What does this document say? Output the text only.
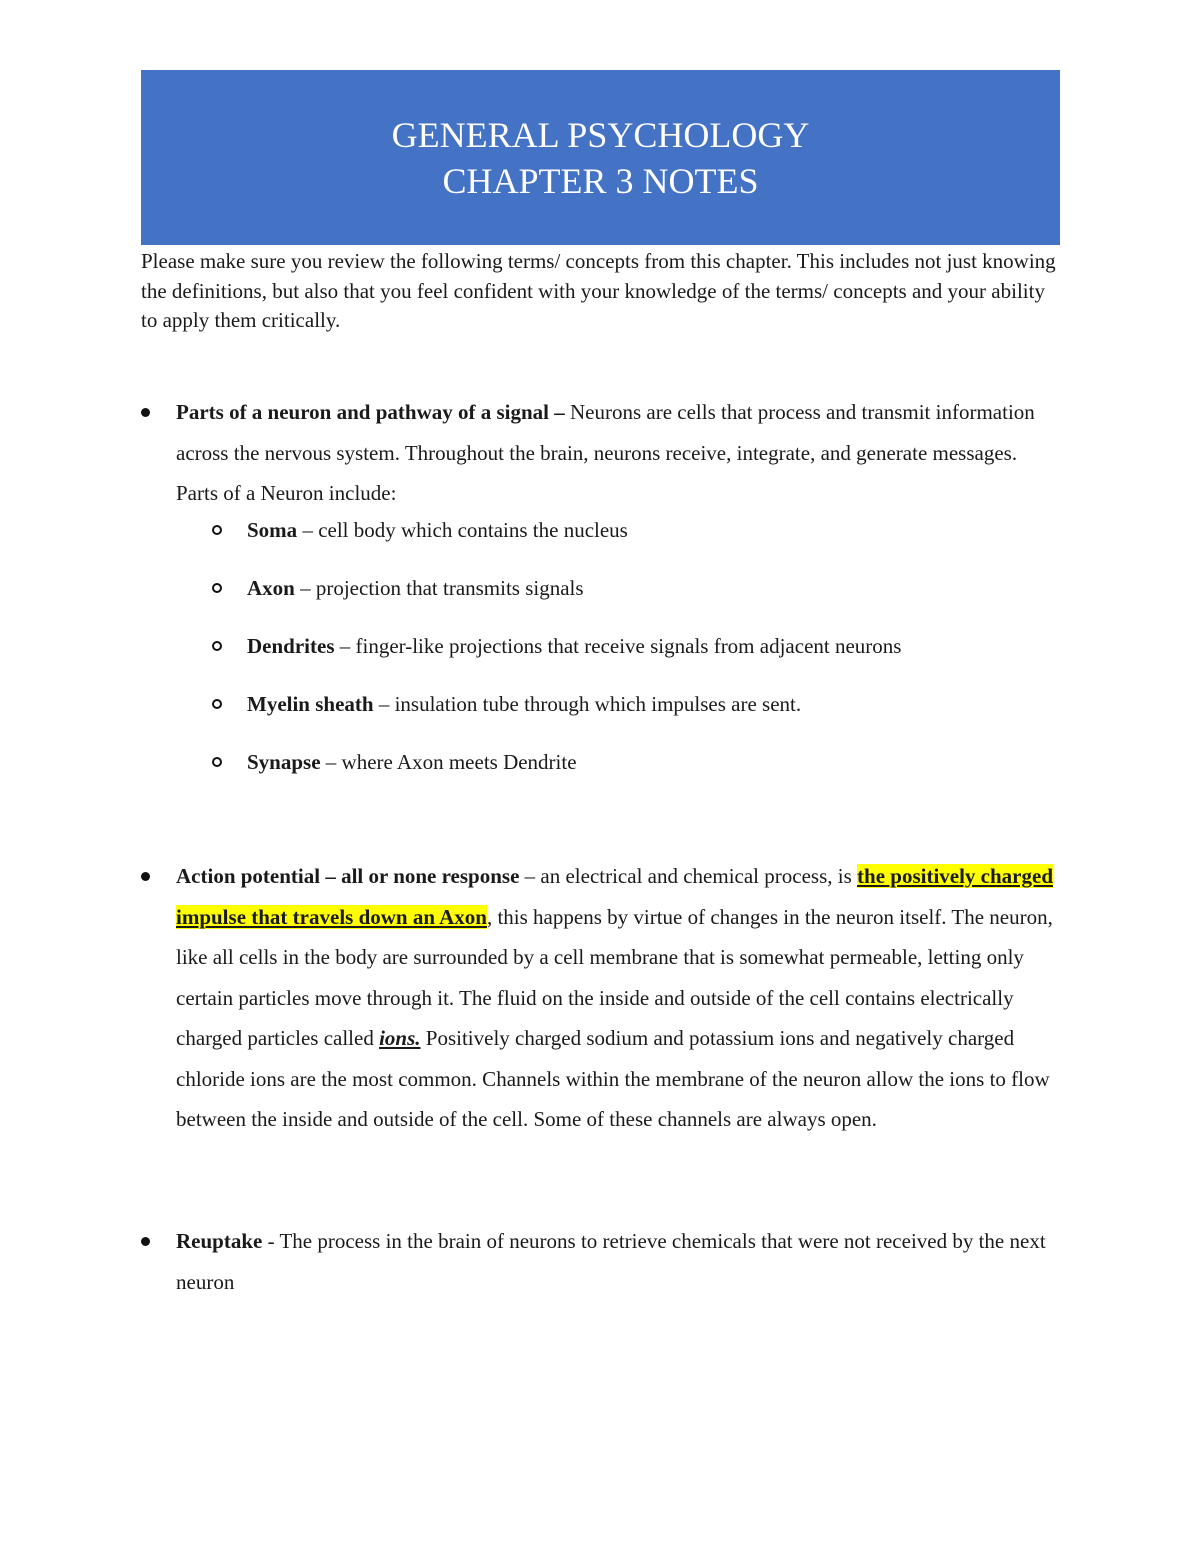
GENERAL PSYCHOLOGY
CHAPTER 3 NOTES
Please make sure you review the following terms/ concepts from this chapter. This includes not just knowing the definitions, but also that you feel confident with your knowledge of the terms/ concepts and your ability to apply them critically.
Parts of a neuron and pathway of a signal – Neurons are cells that process and transmit information across the nervous system. Throughout the brain, neurons receive, integrate, and generate messages. Parts of a Neuron include:
Soma – cell body which contains the nucleus
Axon – projection that transmits signals
Dendrites – finger-like projections that receive signals from adjacent neurons
Myelin sheath – insulation tube through which impulses are sent.
Synapse – where Axon meets Dendrite
Action potential – all or none response – an electrical and chemical process, is the positively charged impulse that travels down an Axon, this happens by virtue of changes in the neuron itself. The neuron, like all cells in the body are surrounded by a cell membrane that is somewhat permeable, letting only certain particles move through it. The fluid on the inside and outside of the cell contains electrically charged particles called ions. Positively charged sodium and potassium ions and negatively charged chloride ions are the most common. Channels within the membrane of the neuron allow the ions to flow between the inside and outside of the cell. Some of these channels are always open.
Reuptake - The process in the brain of neurons to retrieve chemicals that were not received by the next neuron
